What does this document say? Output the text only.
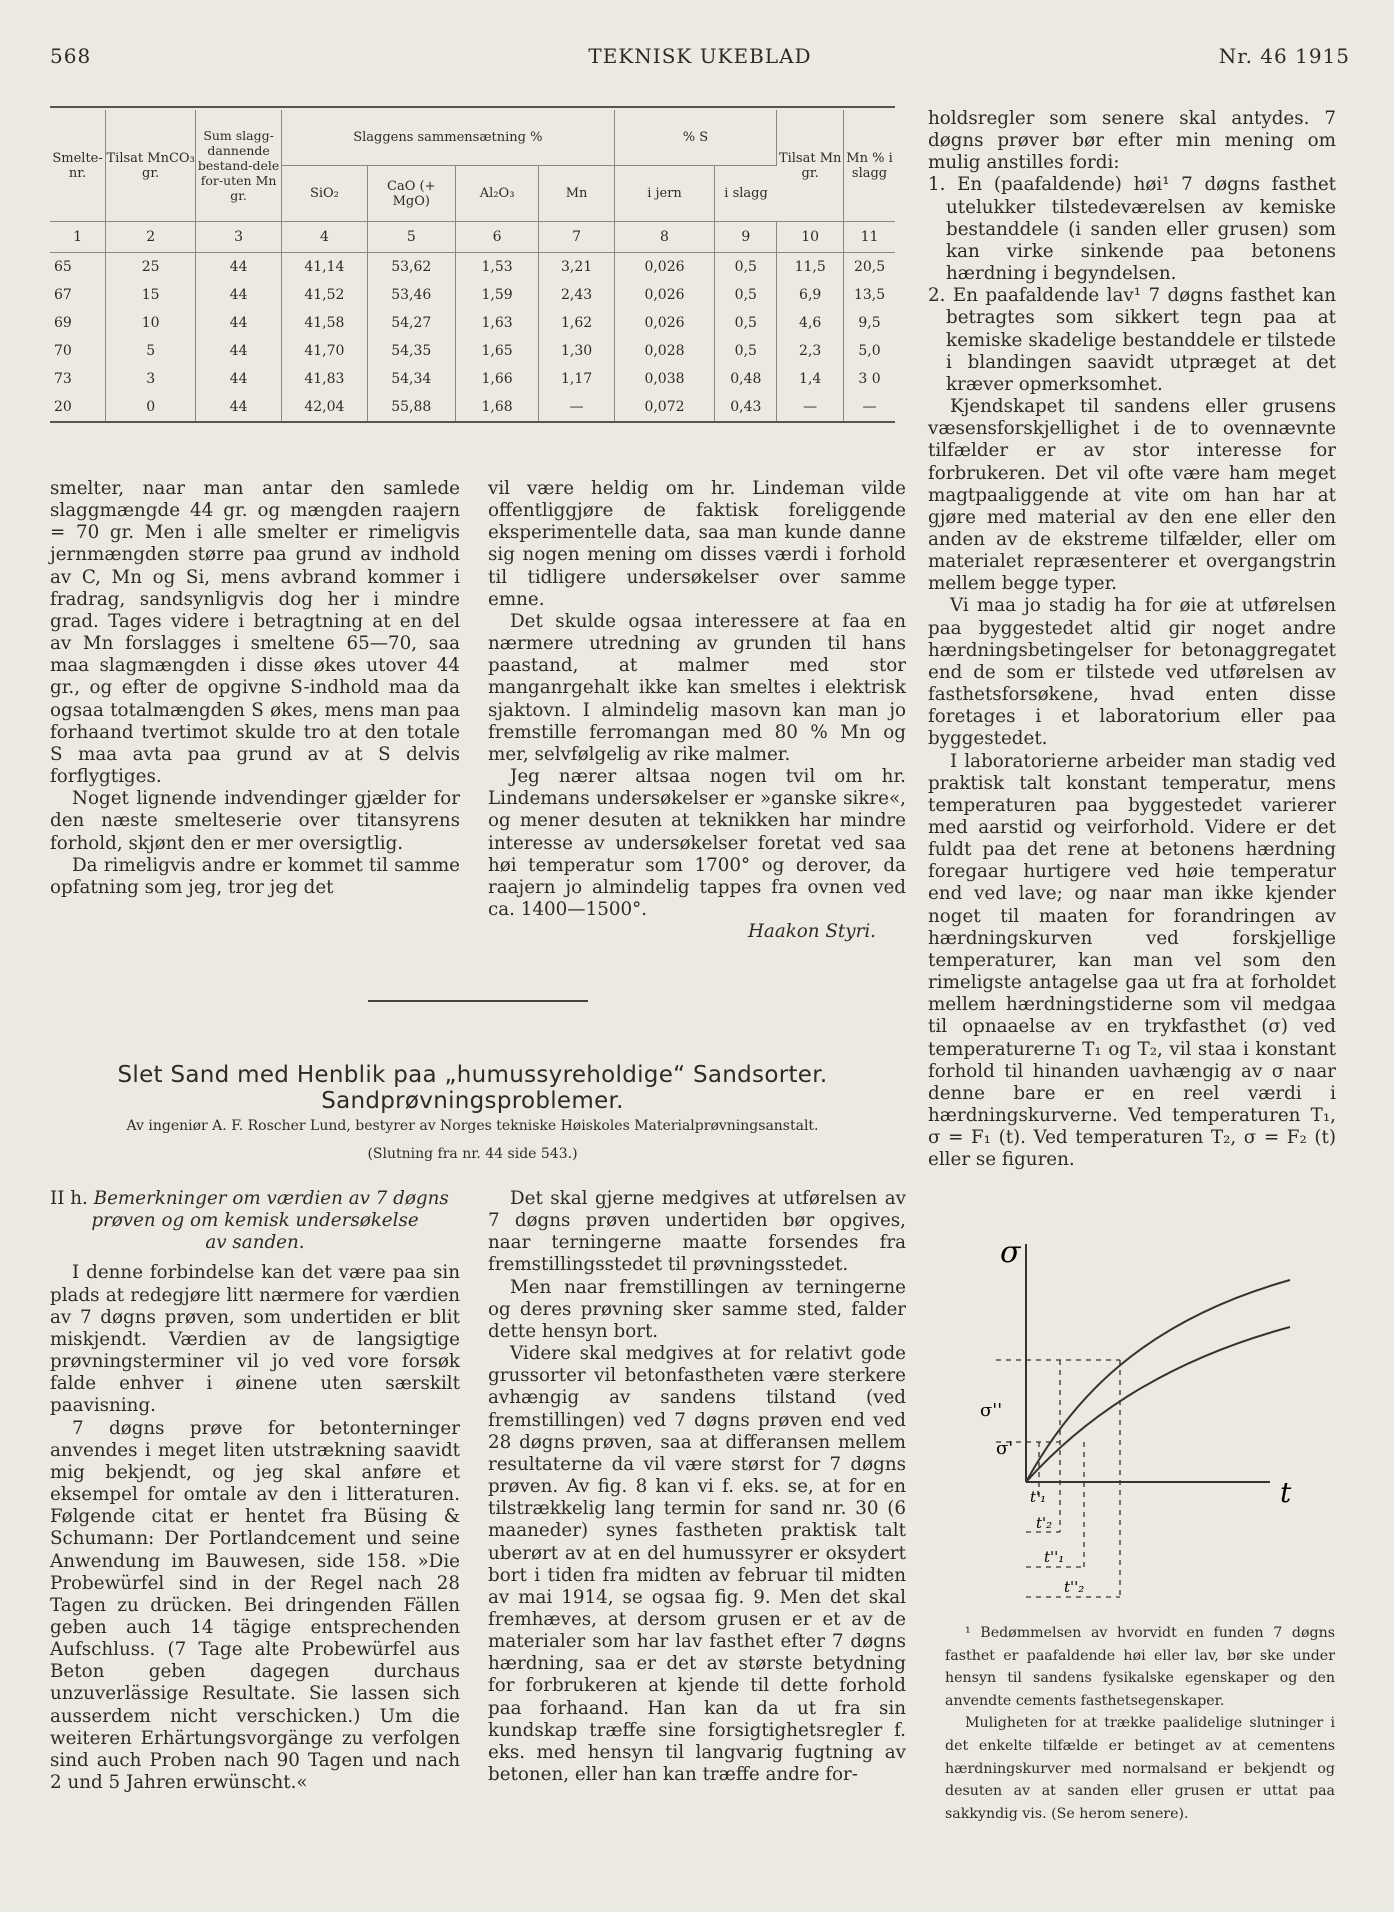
568	TEKNISK UKEBLAD	Nr. 46 1915
Smelte-nr.	Tilsat MnCO₃ gr.	Sum slagg-dannende bestand-dele for-uten Mn gr.	Slaggens sammensætning %				% S		Tilsat Mn gr.	Mn % i slagg
			SiO₂	CaO (+ MgO)	Al₂O₃	Mn	i jern	i slagg		
1	2	3	4	5	6	7	8	9	10	11
65	25	44	41,14	53,62	1,53	3,21	0,026	0,5	11,5	20,5
67	15	44	41,52	53,46	1,59	2,43	0,026	0,5	6,9	13,5
69	10	44	41,58	54,27	1,63	1,62	0,026	0,5	4,6	9,5
70	5	44	41,70	54,35	1,65	1,30	0,028	0,5	2,3	5,0
73	3	44	41,83	54,34	1,66	1,17	0,038	0,48	1,4	3 0
20	0	44	42,04	55,88	1,68	—	0,072	0,43	—	—

smelter, naar man antar den samlede slaggmængde 44 gr. og mængden raajern = 70 gr. Men i alle smelter er rimeligvis jernmængden større paa grund av indhold av C, Mn og Si, mens avbrand kommer i fradrag, sandsynligvis dog her i mindre grad. Tages videre i betragtning at en del av Mn forslagges i smeltene 65—70, saa maa slagmængden i disse økes utover 44 gr., og efter de opgivne S-indhold maa da ogsaa totalmængden S økes, mens man paa forhaand tvertimot skulde tro at den totale S maa avta paa grund av at S delvis forflygtiges.

Noget lignende indvendinger gjælder for den næste smelteserie over titansyrens forhold, skjønt den er mer oversigtlig.

Da rimeligvis andre er kommet til samme opfatning som jeg, tror jeg det

vil være heldig om hr. Lindeman vilde offentliggjøre de faktisk foreliggende eksperimentelle data, saa man kunde danne sig nogen mening om disses værdi i forhold til tidligere undersøkelser over samme emne.

Det skulde ogsaa interessere at faa en nærmere utredning av grunden til hans paastand, at malmer med stor manganrgehalt ikke kan smeltes i elektrisk sjaktovn. I almindelig masovn kan man jo fremstille ferromangan med 80 % Mn og mer, selvfølgelig av rike malmer.

Jeg nærer altsaa nogen tvil om hr. Lindemans undersøkelser er »ganske sikre«, og mener desuten at teknikken har mindre interesse av undersøkelser foretat ved saa høi temperatur som 1700° og derover, da raajern jo almindelig tappes fra ovnen ved ca. 1400—1500°.

Haakon Styri.

holdsregler som senere skal antydes. 7 døgns prøver bør efter min mening om mulig anstilles fordi:

1. En (paafaldende) høi¹ 7 døgns fasthet utelukker tilstedeværelsen av kemiske bestanddele (i sanden eller grusen) som kan virke sinkende paa betonens hærdning i begyndelsen.

2. En paafaldende lav¹ 7 døgns fasthet kan betragtes som sikkert tegn paa at kemiske skadelige bestanddele er tilstede i blandingen saavidt utpræget at det kræver opmerksomhet.

Kjendskapet til sandens eller grusens væsensforskjellighet i de to ovennævnte tilfælder er av stor interesse for forbrukeren. Det vil ofte være ham meget magtpaaliggende at vite om han har at gjøre med material av den ene eller den anden av de ekstreme tilfælder, eller om materialet repræsenterer et overgangstrin mellem begge typer.

Vi maa jo stadig ha for øie at utførelsen paa byggestedet altid gir noget andre hærdningsbetingelser for betonaggregatet end de som er tilstede ved utførelsen av fasthetsforsøkene, hvad enten disse foretages i et laboratorium eller paa byggestedet.

I laboratorierne arbeider man stadig ved praktisk talt konstant temperatur, mens temperaturen paa byggestedet varierer med aarstid og veirforhold. Videre er det fuldt paa det rene at betonens hærdning foregaar hurtigere ved høie temperatur end ved lave; og naar man ikke kjender noget til maaten for forandringen av hærdningskurven ved forskjellige temperaturer, kan man vel som den rimeligste antagelse gaa ut fra at forholdet mellem hærdningstiderne som vil medgaa til opnaaelse av en trykfasthet (σ) ved temperaturerne T₁ og T₂, vil staa i konstant forhold til hinanden uavhængig av σ naar denne bare er en reel værdi i hærdningskurverne. Ved temperaturen T₁, σ = F₁ (t). Ved temperaturen T₂, σ = F₂ (t) eller se figuren.

Slet Sand med Henblik paa „humussyreholdige“ Sandsorter.
Sandprøvningsproblemer.
Av ingeniør A. F. Roscher Lund, bestyrer av Norges tekniske Høiskoles Materialprøvningsanstalt.
(Slutning fra nr. 44 side 543.)

II h. Bemerkninger om værdien av 7 døgns

prøven og om kemisk undersøkelse

av sanden.

I denne forbindelse kan det være paa sin plads at redegjøre litt nærmere for værdien av 7 døgns prøven, som undertiden er blit miskjendt. Værdien av de langsigtige prøvningsterminer vil jo ved vore forsøk falde enhver i øinene uten særskilt paavisning.

7 døgns prøve for betonterninger anvendes i meget liten utstrækning saavidt mig bekjendt, og jeg skal anføre et eksempel for omtale av den i litteraturen. Følgende citat er hentet fra Büsing & Schumann: Der Portlandcement und seine Anwendung im Bauwesen, side 158. »Die Probewürfel sind in der Regel nach 28 Tagen zu drücken. Bei dringenden Fällen geben auch 14 tägige entsprechenden Aufschluss. (7 Tage alte Probewürfel aus Beton geben dagegen durchaus unzuverlässige Resultate. Sie lassen sich ausserdem nicht verschicken.) Um die weiteren Erhärtungsvorgänge zu verfolgen sind auch Proben nach 90 Tagen und nach 2 und 5 Jahren erwünscht.«

Det skal gjerne medgives at utførelsen av 7 døgns prøven undertiden bør opgives, naar terningerne maatte forsendes fra fremstillingsstedet til prøvningsstedet.

Men naar fremstillingen av terningerne og deres prøvning sker samme sted, falder dette hensyn bort.

Videre skal medgives at for relativt gode grussorter vil betonfastheten være sterkere avhængig av sandens tilstand (ved fremstillingen) ved 7 døgns prøven end ved 28 døgns prøven, saa at differansen mellem resultaterne da vil være størst for 7 døgns prøven. Av fig. 8 kan vi f. eks. se, at for en tilstrækkelig lang termin for sand nr. 30 (6 maaneder) synes fastheten praktisk talt uberørt av at en del humussyrer er oksydert bort i tiden fra midten av februar til midten av mai 1914, se ogsaa fig. 9. Men det skal fremhæves, at dersom grusen er et av de materialer som har lav fasthet efter 7 døgns hærdning, saa er det av største betydning for forbrukeren at kjende til dette forhold paa forhaand. Han kan da ut fra sin kundskap træffe sine forsigtighetsregler f. eks. med hensyn til langvarig fugtning av betonen, eller han kan træffe andre for-

σ
t
σ''
σ'
t'₁
t'₂
t''₁
t''₂

¹ Bedømmelsen av hvorvidt en funden 7 døgns fasthet er paafaldende høi eller lav, bør ske under hensyn til sandens fysikalske egenskaper og den anvendte cements fasthetsegenskaper.

Muligheten for at trække paalidelige slutninger i det enkelte tilfælde er betinget av at cementens hærdningskurver med normalsand er bekjendt og desuten av at sanden eller grusen er uttat paa sakkyndig vis. (Se herom senere).
